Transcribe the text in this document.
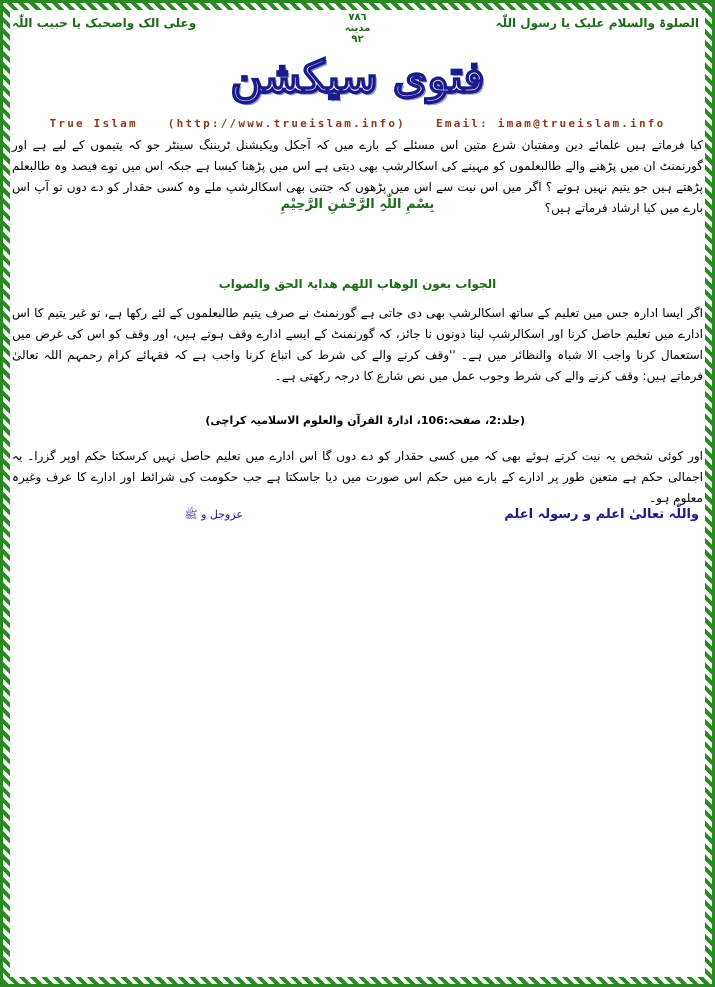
الصلوۃ والسلام علیک یا رسول اللّٰہ
٧٨٦
مدینہ
٩٢
وعلی الک واصحبک یا حبیب اللّٰہ
فتوی سیکشن
True Islam	(http://www.trueislam.info)	Email: imam@trueislam.info
کیا فرماتے ہیں علمائے دین ومفتیان شرع متین اس مسئلے کے بارے میں کہ آجکل ویکیشنل ٹریننگ سینٹر جو کہ یتیموں کے لیے ہے اور گورنمنٹ ان میں پڑھنے والے طالبعلموں کو مہینے کی اسکالرشپ بھی دیتی ہے اس میں پڑھنا کیسا ہے جبکہ اس میں نوے فیصد وہ طالبعلم پڑھتے ہیں جو یتیم نہیں ہوتے ؟ اگر میں اس نیت سے اس میں پڑھوں کہ جتنی بھی اسکالرشپ ملے وہ کسی حقدار کو دے دوں تو آپ اس بارے میں کیا ارشاد فرماتے ہیں؟
بِسْمِ اللّٰہِ الرَّحْمٰنِ الرَّحِیْمِ
الجواب بعون الوھاب اللھم ھدایۃ الحق والصواب
اگر ایسا ادارہ جس میں تعلیم کے ساتھ اسکالرشپ بھی دی جاتی ہے گورنمنٹ نے صرف یتیم طالبعلموں کے لئے رکھا ہے، تو غیر یتیم کا اس ادارے میں تعلیم حاصل کرنا اور اسکالرشپ لینا دونوں نا جائز، کہ گورنمنٹ کے ایسے ادارے وقف ہوتے ہیں، اور وقف کو اس کی غرض میں استعمال کرنا واجب الا شباہ والنظائر میں ہے۔ ''وقف کرنے والے کی شرط کی اتباع کرنا واجب ہے کہ فقہائے کرام رحمہم اللہ تعالیٰ فرماتے ہیں: وقف کرنے والے کی شرط وجوب عمل میں نص شارع کا درجہ رکھتی ہے۔
(جلد:2، صفحہ:106، ادارۃ القرآن والعلوم الاسلامیہ کراچی)
اور کوئی شخص یہ نیت کرتے ہوئے بھی کہ میں کسی حقدار کو دے دوں گا اس ادارے میں تعلیم حاصل نہیں کرسکتا حکم اوپر گزرا۔ یہ اجمالی حکم ہے متعین طور پر ادارے کے بارے میں حکم اس صورت میں دیا جاسکتا ہے جب حکومت کی شرائط اور ادارے کا عرف وغیرہ معلوم ہو۔
واللّٰہ تعالیٰ اعلم و رسولہ اعلم
عزوجل و ﷺ
